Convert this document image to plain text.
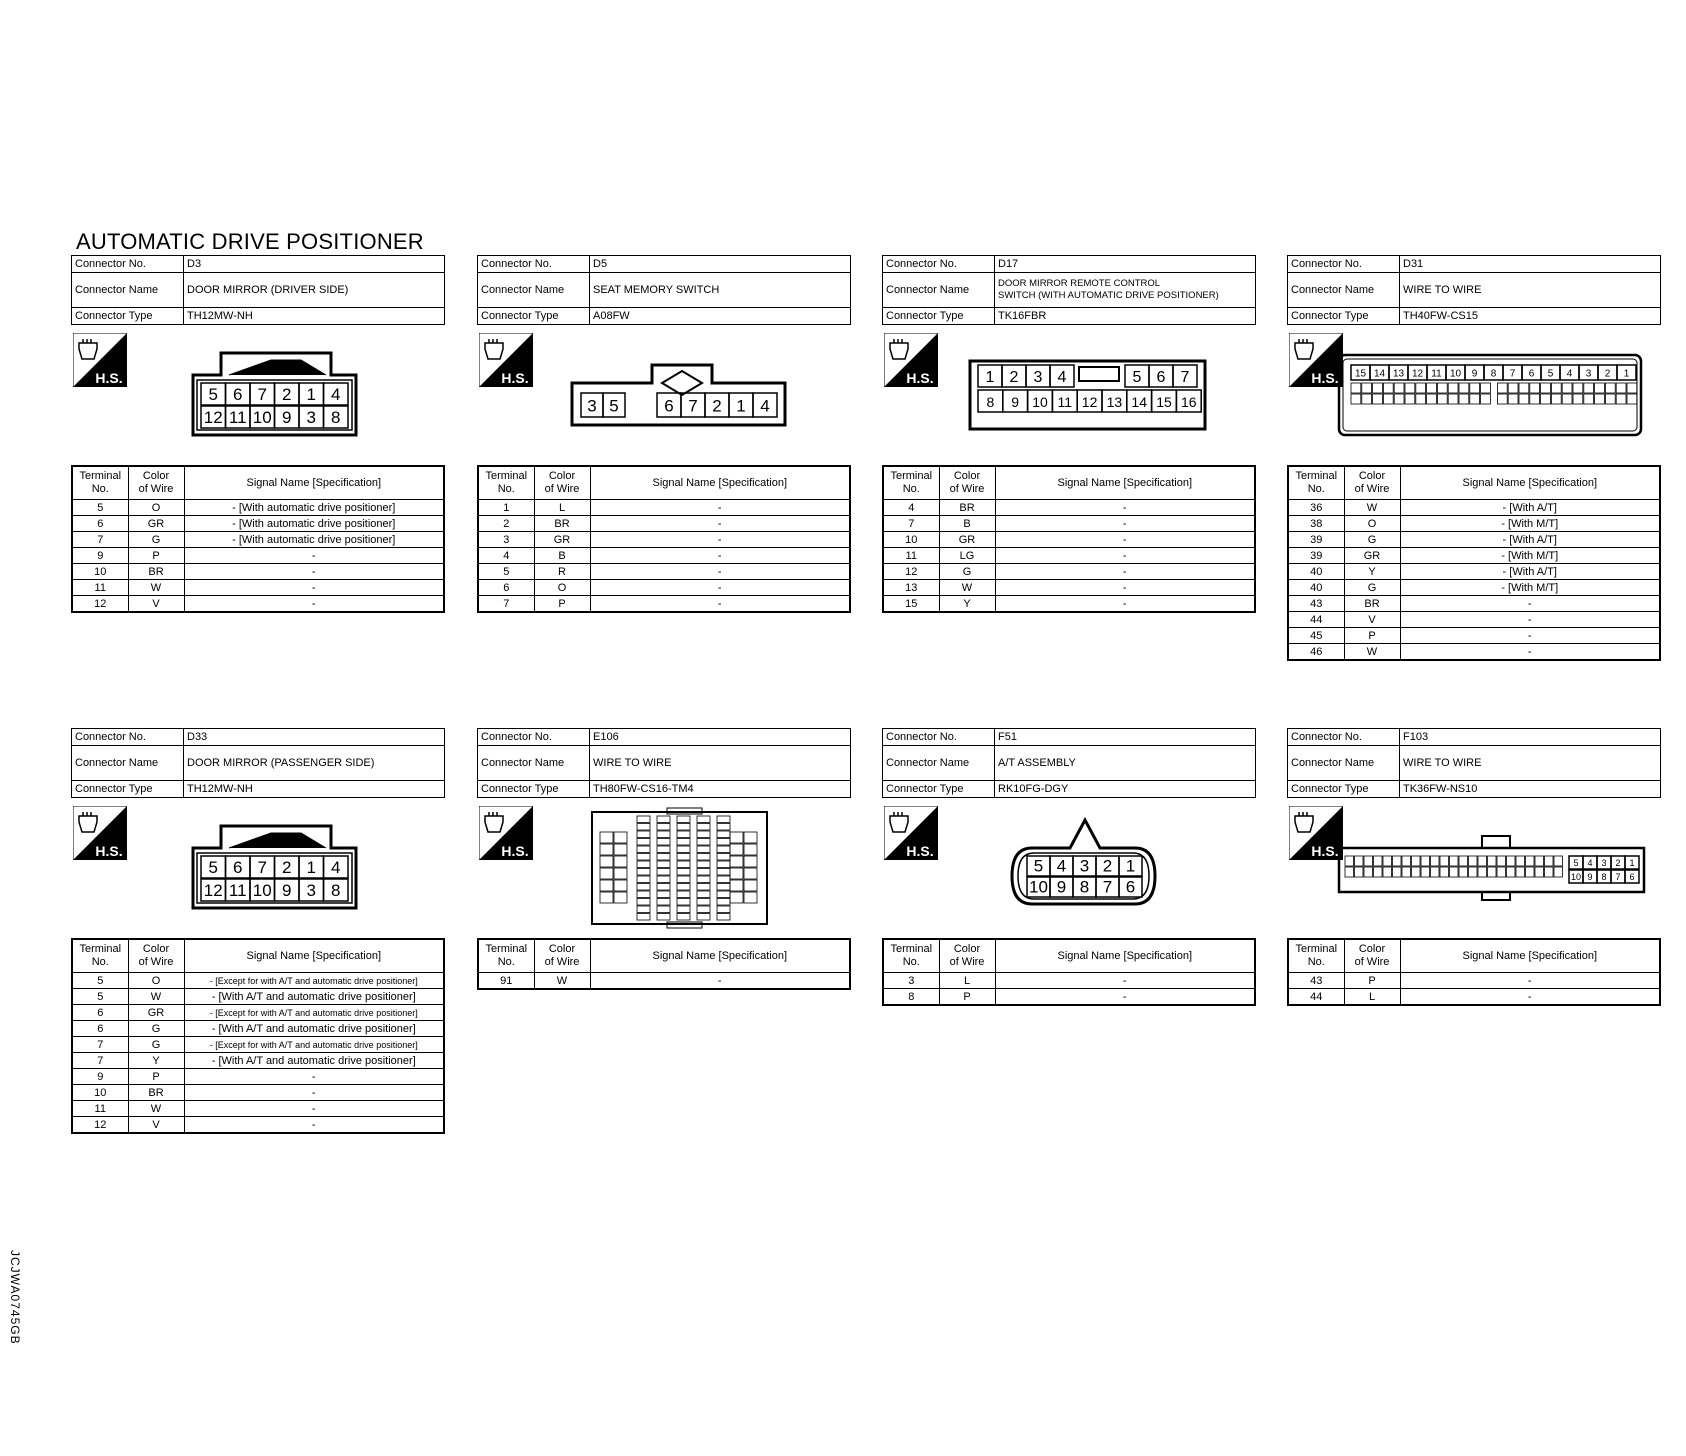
AUTOMATIC DRIVE POSITIONER
Connector No.	D3
Connector Name	DOOR MIRROR (DRIVER SIDE)
Connector Type	TH12MW-NH
H.S.
5 6 7 2 1 4
12 11 10 9 3 8
Terminal
No.	Color
of Wire	Signal Name [Specification]
5	O	- [With automatic drive positioner]
6	GR	- [With automatic drive positioner]
7	G	- [With automatic drive positioner]
9	P	-
10	BR	-
11	W	-
12	V	-
Connector No.	D5
Connector Name	SEAT MEMORY SWITCH
Connector Type	A08FW
H.S.
3 5	6 7 2 1 4
Terminal
No.	Color
of Wire	Signal Name [Specification]
1	L	-
2	BR	-
3	GR	-
4	B	-
5	R	-
6	O	-
7	P	-
Connector No.	D17
Connector Name	DOOR MIRROR REMOTE CONTROL
SWITCH (WITH AUTOMATIC DRIVE POSITIONER)
Connector Type	TK16FBR
H.S.	1 2 3 4	5 6 7
8 9 10 11 12 13 14 15 16
Terminal
No.	Color
of Wire	Signal Name [Specification]
4	BR	-
7	B	-
10	GR	-
11	LG	-
12	G	-
13	W	-
15	Y	-
Connector No.	D31
Connector Name	WIRE TO WIRE
Connector Type	TH40FW-CS15
H.S. 15 14 13 12 11 10 9 8 7 6 5 4 3 2 1
Terminal
No.	Color
of Wire	Signal Name [Specification]
36	W	- [With A/T]
38	O	- [With M/T]
39	G	- [With A/T]
39	GR	- [With M/T]
40	Y	- [With A/T]
40	G	- [With M/T]
43	BR	-
44	V	-
45	P	-
46	W	-
Connector No.	D33
Connector Name	DOOR MIRROR (PASSENGER SIDE)
Connector Type	TH12MW-NH
H.S.
5 6 7 2 1 4
12 11 10 9 3 8
Terminal
No.	Color
of Wire	Signal Name [Specification]
5	O	- [Except for with A/T and automatic drive positioner]
5	W	- [With A/T and automatic drive positioner]
6	GR	- [Except for with A/T and automatic drive positioner]
6	G	- [With A/T and automatic drive positioner]
7	G	- [Except for with A/T and automatic drive positioner]
7	Y	- [With A/T and automatic drive positioner]
9	P	-
10	BR	-
11	W	-
12	V	-
Connector No.	E106
Connector Name	WIRE TO WIRE
Connector Type	TH80FW-CS16-TM4
H.S.
Terminal
No.	Color
of Wire	Signal Name [Specification]
91	W	-
Connector No.	F51
Connector Name	A/T ASSEMBLY
Connector Type	RK10FG-DGY
H.S.
5 4 3 2 1
10 9 8 7 6
Terminal
No.	Color
of Wire	Signal Name [Specification]
3	L	-
8	P	-
Connector No.	F103
Connector Name	WIRE TO WIRE
Connector Type	TK36FW-NS10
H.S.
5 4 3 2 1
10 9 8 7 6
Terminal
No.	Color
of Wire	Signal Name [Specification]
43	P	-
44	L	-
JCJWA0745GB
